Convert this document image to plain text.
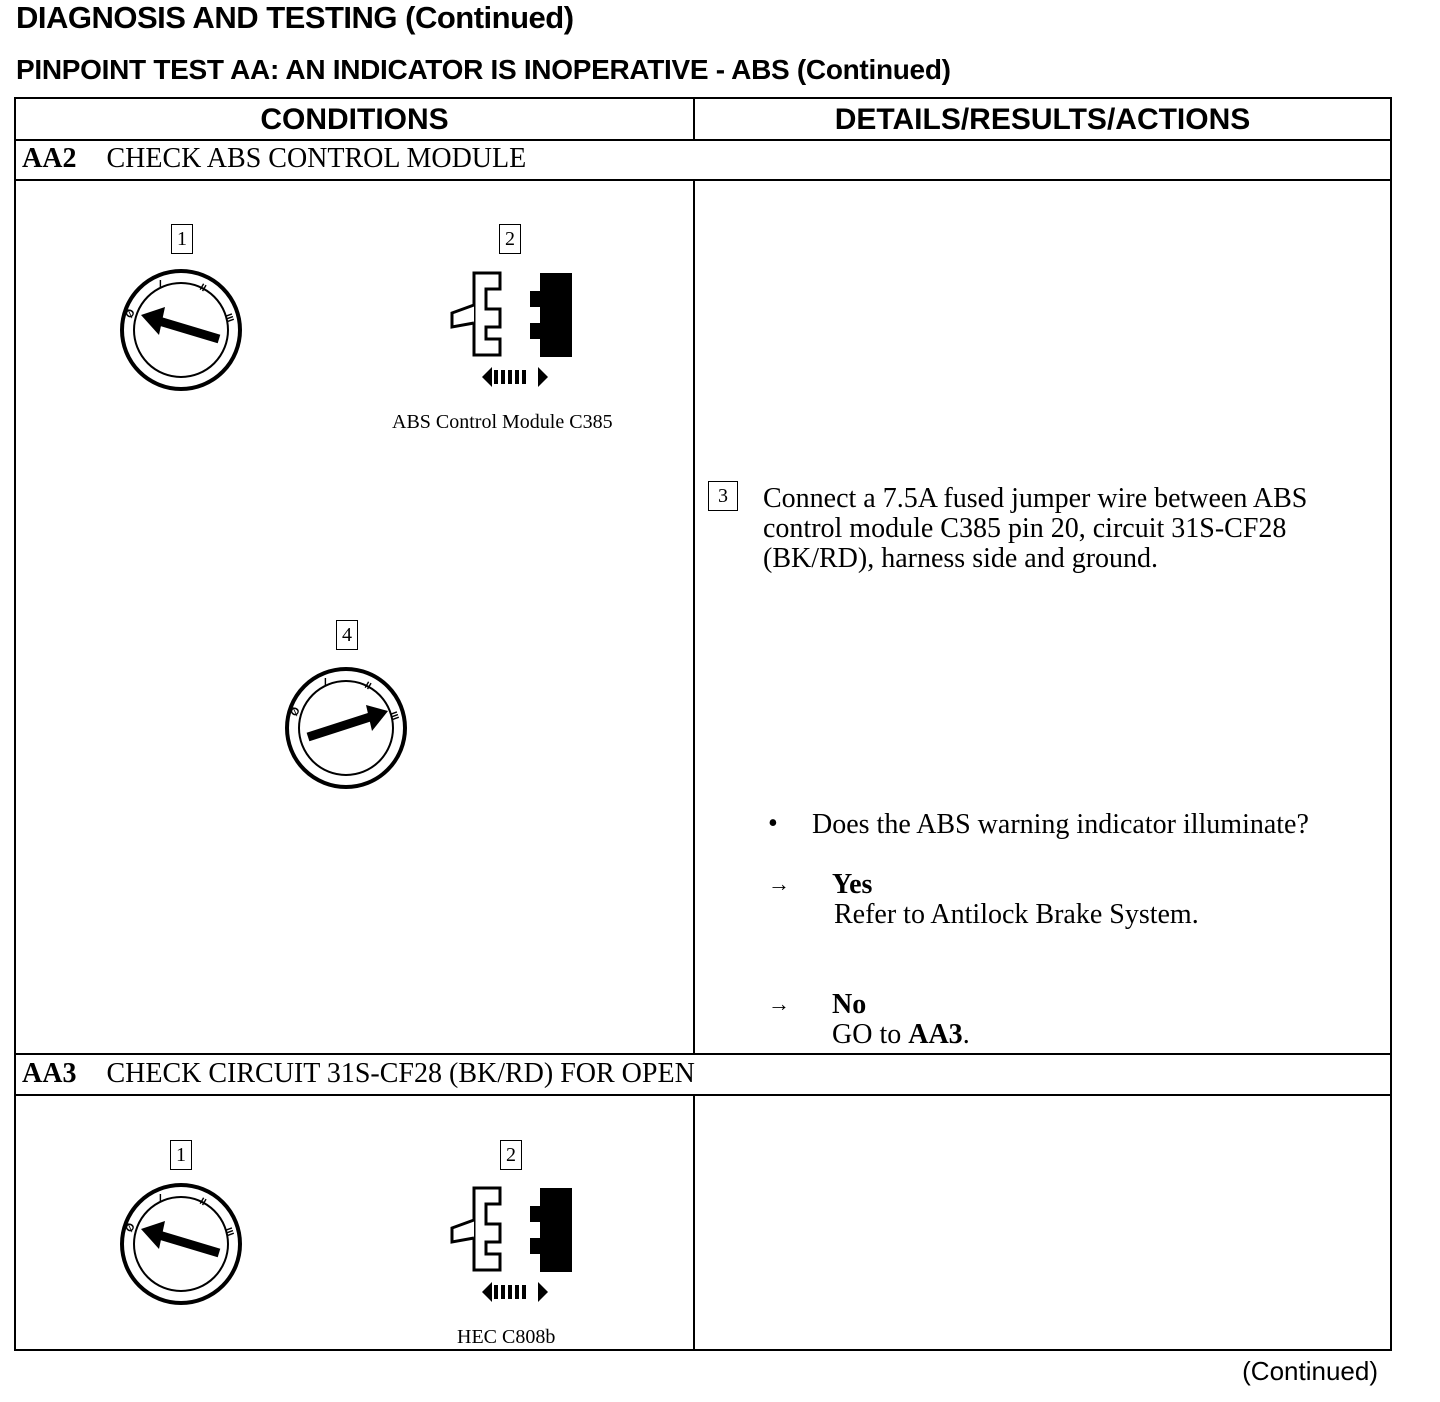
DIAGNOSIS AND TESTING (Continued)
PINPOINT TEST AA: AN INDICATOR IS INOPERATIVE - ABS (Continued)
CONDITIONS	DETAILS/RESULTS/ACTIONS
AA2 CHECK ABS CONTROL MODULE
1
Ø
I	II
III
2
ABS Control Module C385
3	Connect a 7.5A fused jumper wire between ABS control module C385 pin 20, circuit 31S-CF28 (BK/RD), harness side and ground.
4
Ø
I	II
III
• Does the ABS warning indicator illuminate?
→ Yes
Refer to Antilock Brake System.
→ No
GO to AA3.
AA3 CHECK CIRCUIT 31S-CF28 (BK/RD) FOR OPEN
1
Ø
I	II
III
2
HEC C808b
(Continued)
